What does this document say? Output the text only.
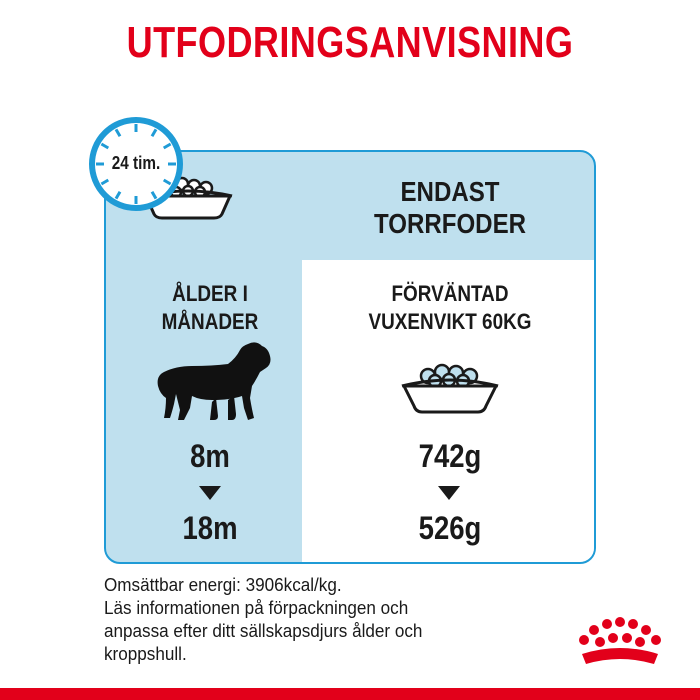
UTFODRINGSANVISNING
24 tim.
ENDAST
TORRFODER
ÅLDER I
MÅNADER
FÖRVÄNTAD
VUXENVIKT 60KG
8m
18m
742g
526g
Omsättbar energi: 3906kcal/kg.
Läs informationen på förpackningen och
anpassa efter ditt sällskapsdjurs ålder och
kroppshull.
